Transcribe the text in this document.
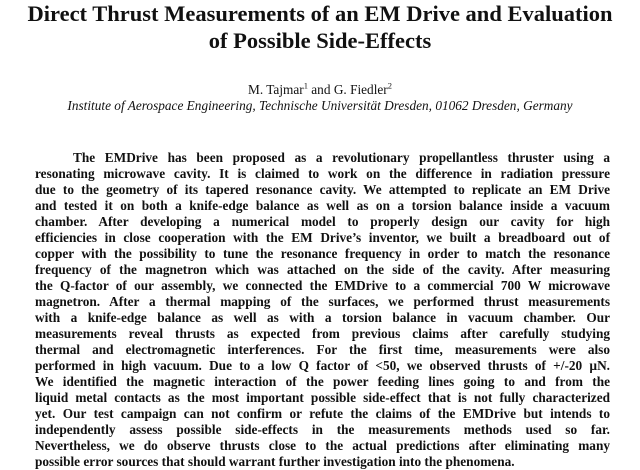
Direct Thrust Measurements of an EM Drive and Evaluation
of Possible Side-Effects
M. Tajmar$^1$ and G. Fiedler$^2$
Institute of Aerospace Engineering, Technische Universität Dresden, 01062 Dresden, Germany
The EMDrive has been proposed as a revolutionary propellantless thruster using a
resonating microwave cavity. It is claimed to work on the difference in radiation pressure
due to the geometry of its tapered resonance cavity. We attempted to replicate an EM Drive
and tested it on both a knife-edge balance as well as on a torsion balance inside a vacuum
chamber. After developing a numerical model to properly design our cavity for high
efficiencies in close cooperation with the EM Drive’s inventor, we built a breadboard out of
copper with the possibility to tune the resonance frequency in order to match the resonance
frequency of the magnetron which was attached on the side of the cavity. After measuring
the Q-factor of our assembly, we connected the EMDrive to a commercial 700 W microwave
magnetron. After a thermal mapping of the surfaces, we performed thrust measurements
with a knife-edge balance as well as with a torsion balance in vacuum chamber. Our
measurements reveal thrusts as expected from previous claims after carefully studying
thermal and electromagnetic interferences. For the first time, measurements were also
performed in high vacuum. Due to a low Q factor of <50, we observed thrusts of +/-20 µN.
We identified the magnetic interaction of the power feeding lines going to and from the
liquid metal contacts as the most important possible side-effect that is not fully characterized
yet. Our test campaign can not confirm or refute the claims of the EMDrive but intends to
independently assess possible side-effects in the measurements methods used so far.
Nevertheless, we do observe thrusts close to the actual predictions after eliminating many
possible error sources that should warrant further investigation into the phenomena.
